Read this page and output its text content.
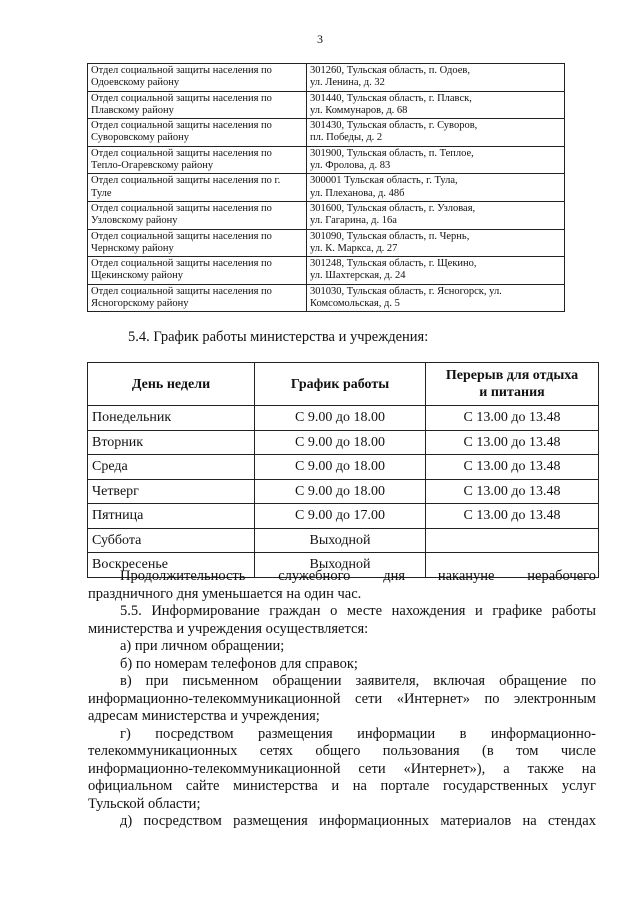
3
Отдел социальной защиты населения по Одоевскому району	301260, Тульская область, п. Одоев,
ул. Ленина, д. 32
Отдел социальной защиты населения по Плавскому району	301440, Тульская область, г. Плавск,
ул. Коммунаров, д. 68
Отдел социальной защиты населения по Суворовскому району	301430, Тульская область, г. Суворов,
пл. Победы, д. 2
Отдел социальной защиты населения по Тепло-Огаревскому району	301900, Тульская область, п. Теплое,
ул. Фролова, д. 83
Отдел социальной защиты населения по г. Туле	300001 Тульская область, г. Тула,
ул. Плеханова, д. 48б
Отдел социальной защиты населения по Узловскому району	301600, Тульская область, г. Узловая,
ул. Гагарина, д. 16а
Отдел социальной защиты населения по Чернскому району	301090, Тульская область, п. Чернь,
ул. К. Маркса, д. 27
Отдел социальной защиты населения по Щекинскому району	301248, Тульская область, г. Щекино,
ул. Шахтерская, д. 24
Отдел социальной защиты населения по Ясногорскому району	301030, Тульская область, г. Ясногорск, ул.
Комсомольская, д. 5
5.4. График работы министерства и учреждения:
День недели	График работы	Перерыв для отдыха
и питания
Понедельник	С 9.00 до 18.00	С 13.00 до 13.48
Вторник	С 9.00 до 18.00	С 13.00 до 13.48
Среда	С 9.00 до 18.00	С 13.00 до 13.48
Четверг	С 9.00 до 18.00	С 13.00 до 13.48
Пятница	С 9.00 до 17.00	С 13.00 до 13.48
Суббота	Выходной	
Воскресенье	Выходной	

Продолжительность служебного дня накануне нерабочего

праздничного дня уменьшается на один час.

5.5. Информирование граждан о месте нахождения и графике работы

министерства и учреждения осуществляется:

а) при личном обращении;

б) по номерам телефонов для справок;

в) при письменном обращении заявителя, включая обращение по

информационно-телекоммуникационной сети «Интернет» по электронным

адресам министерства и учреждения;

г) посредством размещения информации в информационно-

телекоммуникационных сетях общего пользования (в том числе

информационно-телекоммуникационной сети «Интернет»), а также на

официальном сайте министерства и на портале государственных услуг

Тульской области;

д) посредством размещения информационных материалов на стендах
